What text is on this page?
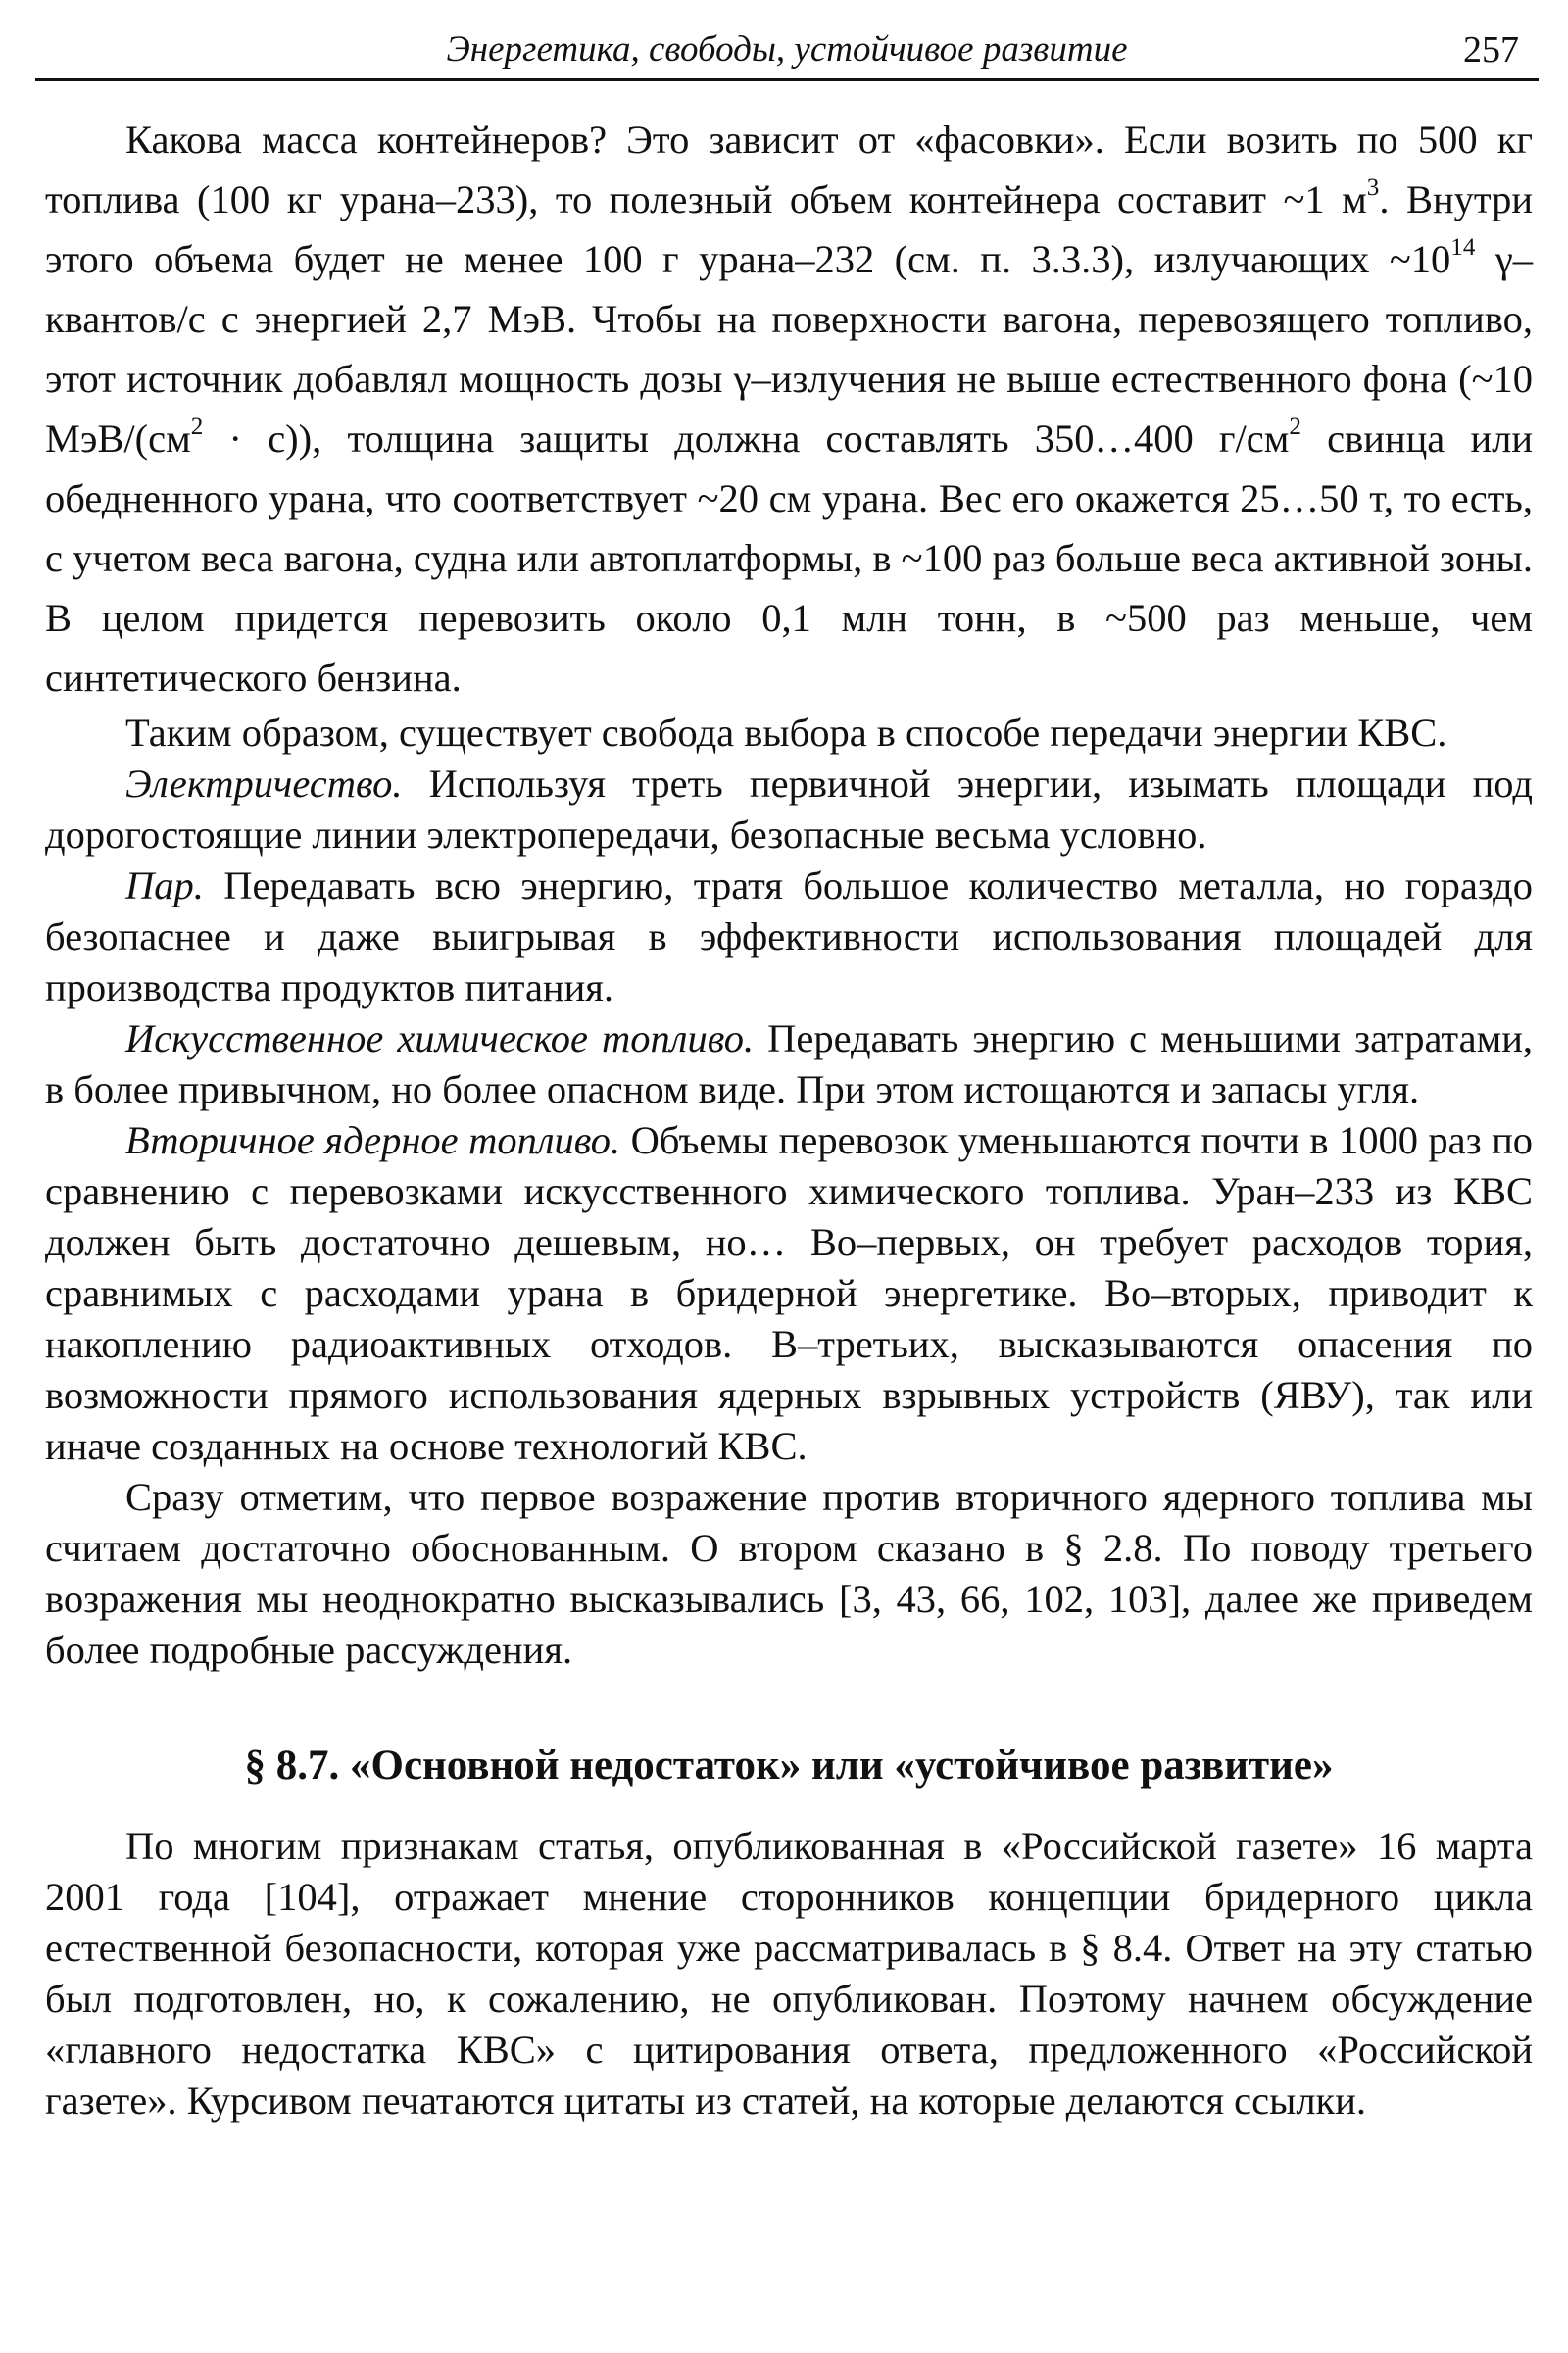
Энергетика, свободы, устойчивое развитие	257

Какова масса контейнеров? Это зависит от «фасовки». Если возить по 500 кг топлива (100 кг урана–233), то полезный объем контейнера составит ~1 $м^3$. Внутри этого объема будет не менее 100 г урана–232 (см. п. 3.3.3), излучающих $\sim 10^{14}$ γ–квантов/с с энергией 2,7 МэВ. Чтобы на поверхности вагона, перевозящего топливо, этот источник добавлял мощность дозы γ–излучения не выше естественного фона (~10 МэВ/$(см^2 \cdot с)$), толщина защиты должна составлять 350…400 $г/см^2$ свинца или обедненного урана, что соответствует ~20 см урана. Вес его окажется 25…50 т, то есть, с учетом веса вагона, судна или автоплатформы, в ~100 раз больше веса активной зоны. В целом придется перевозить около 0,1 млн тонн, в ~500 раз меньше, чем синтетического бензина.

Таким образом, существует свобода выбора в способе передачи энергии КВС.

Электричество. Используя треть первичной энергии, изымать площади под дорогостоящие линии электропередачи, безопасные весьма условно.

Пар. Передавать всю энергию, тратя большое количество металла, но гораздо безопаснее и даже выигрывая в эффективности использования площадей для производства продуктов питания.

Искусственное химическое топливо. Передавать энергию с меньшими затратами, в более привычном, но более опасном виде. При этом истощаются и запасы угля.

Вторичное ядерное топливо. Объемы перевозок уменьшаются почти в 1000 раз по сравнению с перевозками искусственного химического топлива. Уран–233 из КВС должен быть достаточно дешевым, но… Во–первых, он требует расходов тория, сравнимых с расходами урана в бридерной энергетике. Во–вторых, приводит к накоплению радиоактивных отходов. В–третьих, высказываются опасения по возможности прямого использования ядерных взрывных устройств (ЯВУ), так или иначе созданных на основе технологий КВС.

Сразу отметим, что первое возражение против вторичного ядерного топлива мы считаем достаточно обоснованным. О втором сказано в § 2.8. По поводу третьего возражения мы неоднократно высказывались [3, 43, 66, 102, 103], далее же приведем более подробные рассуждения.

§ 8.7. «Основной недостаток» или «устойчивое развитие»

По многим признакам статья, опубликованная в «Российской газете» 16 марта 2001 года [104], отражает мнение сторонников концепции бридерного цикла естественной безопасности, которая уже рассматривалась в § 8.4. Ответ на эту статью был подготовлен, но, к сожалению, не опубликован. Поэтому начнем обсуждение «главного недостатка КВС» с цитирования ответа, предложенного «Российской газете». Курсивом печатаются цитаты из статей, на которые делаются ссылки.
